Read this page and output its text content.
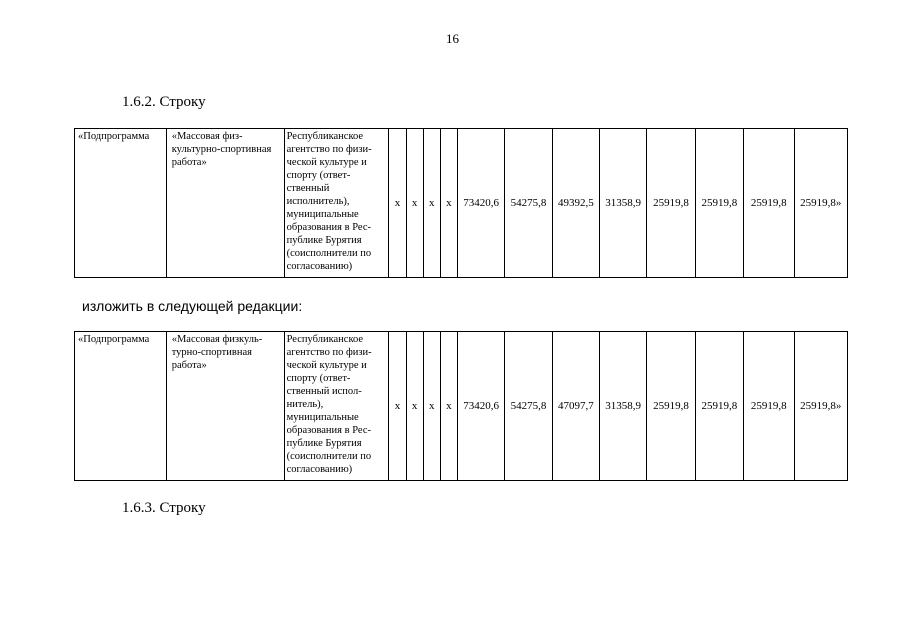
16
1.6.2. Строку
«Подпрограмма	«Массовая физ- культурно-спортивная работа»	Республиканское агентство по физи- ческой культуре и спорту (ответ- ственный исполнитель), муниципальные образования в Рес- публике Бурятия (соисполнители по согласованию)	x	x	x	x	73420,6	54275,8	49392,5	31358,9	25919,8	25919,8	25919,8	25919,8»
изложить в следующей редакции:
«Подпрограмма	«Массовая физкуль- турно-спортивная работа»	Республиканское агентство по физи- ческой культуре и спорту (ответ- ственный испол- нитель), муниципальные образования в Рес- публике Бурятия (соисполнители по согласованию)	x	x	x	x	73420,6	54275,8	47097,7	31358,9	25919,8	25919,8	25919,8	25919,8»
1.6.3. Строку
